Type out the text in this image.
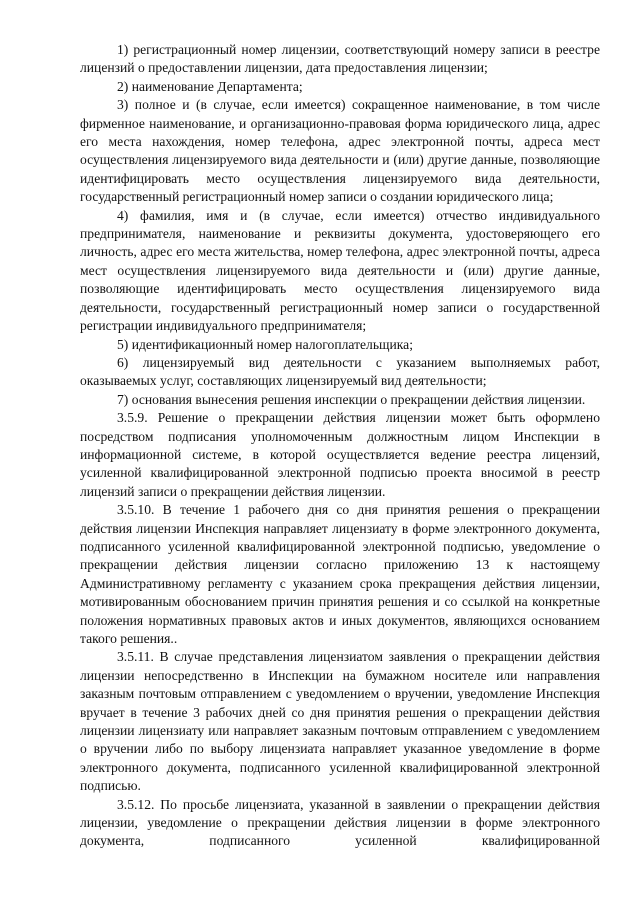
1) регистрационный номер лицензии, соответствующий номеру записи в реестре лицензий о предоставлении лицензии, дата предоставления лицензии;

2) наименование Департамента;

3) полное и (в случае, если имеется) сокращенное наименование, в том числе фирменное наименование, и организационно-правовая форма юридического лица, адрес его места нахождения, номер телефона, адрес электронной почты, адреса мест осуществления лицензируемого вида деятельности и (или) другие данные, позволяющие идентифицировать место осуществления лицензируемого вида деятельности, государственный регистрационный номер записи о создании юридического лица;

4) фамилия, имя и (в случае, если имеется) отчество индивидуального предпринимателя, наименование и реквизиты документа, удостоверяющего его личность, адрес его места жительства, номер телефона, адрес электронной почты, адреса мест осуществления лицензируемого вида деятельности и (или) другие данные, позволяющие идентифицировать место осуществления лицензируемого вида деятельности, государственный регистрационный номер записи о государственной регистрации индивидуального предпринимателя;

5) идентификационный номер налогоплательщика;

6) лицензируемый вид деятельности с указанием выполняемых работ, оказываемых услуг, составляющих лицензируемый вид деятельности;

7) основания вынесения решения инспекции о прекращении действия лицензии.

3.5.9. Решение о прекращении действия лицензии может быть оформлено посредством подписания уполномоченным должностным лицом Инспекции в информационной системе, в которой осуществляется ведение реестра лицензий, усиленной квалифицированной электронной подписью проекта вносимой в реестр лицензий записи о прекращении действия лицензии.

3.5.10. В течение 1 рабочего дня со дня принятия решения о прекращении действия лицензии Инспекция направляет лицензиату в форме электронного документа, подписанного усиленной квалифицированной электронной подписью, уведомление о прекращении действия лицензии согласно приложению 13 к настоящему Административному регламенту с указанием срока прекращения действия лицензии, мотивированным обоснованием причин принятия решения и со ссылкой на конкретные положения нормативных правовых актов и иных документов, являющихся основанием такого решения..

3.5.11. В случае представления лицензиатом заявления о прекращении действия лицензии непосредственно в Инспекции на бумажном носителе или направления заказным почтовым отправлением с уведомлением о вручении, уведомление Инспекция вручает в течение 3 рабочих дней со дня принятия решения о прекращении действия лицензии лицензиату или направляет заказным почтовым отправлением с уведомлением о вручении либо по выбору лицензиата направляет указанное уведомление в форме электронного документа, подписанного усиленной квалифицированной электронной подписью.

3.5.12. По просьбе лицензиата, указанной в заявлении о прекращении действия лицензии, уведомление о прекращении действия лицензии в форме электронного документа, подписанного усиленной квалифицированной
